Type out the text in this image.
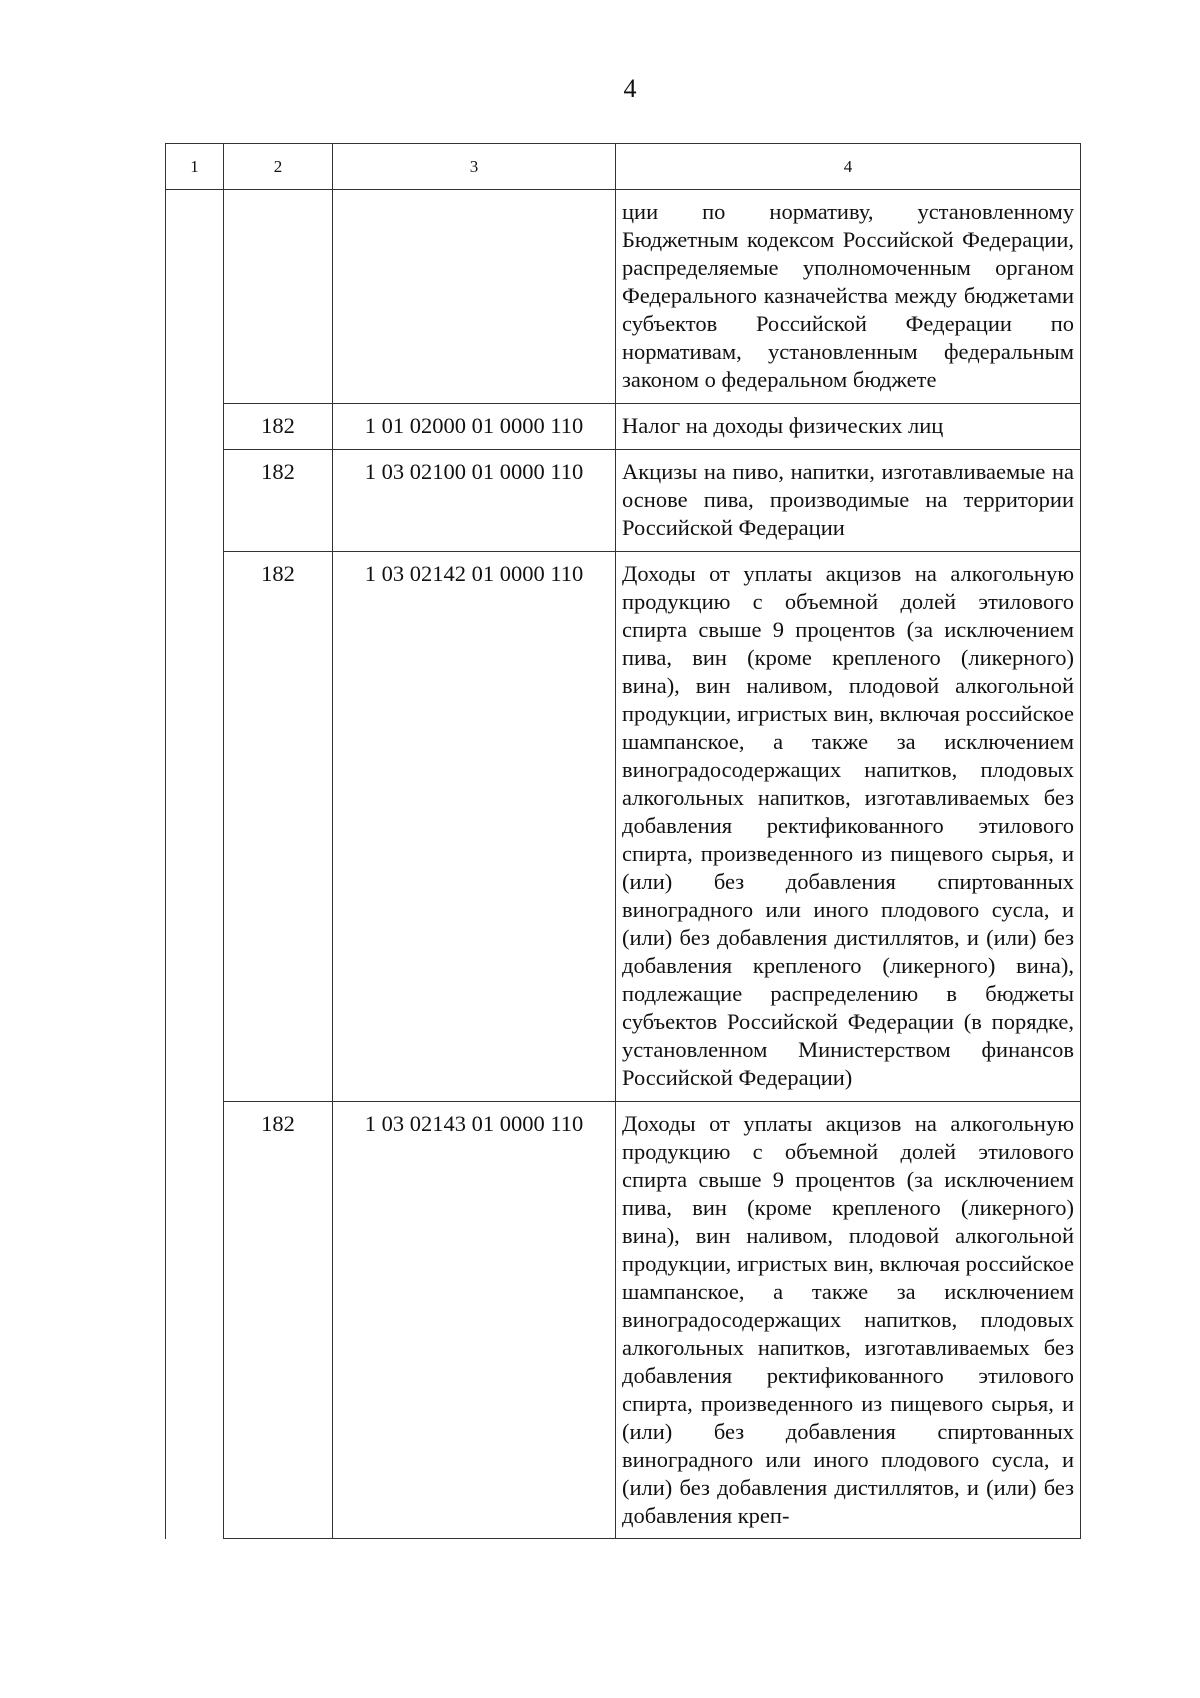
4
1	2	3	4
			ции по нормативу, установленному Бюджетным кодексом Российской Федерации, распределяемые уполномоченным органом Федерального казначейства между бюджетами субъектов Российской Федерации по нормативам, установленным федеральным законом о федеральном бюджете
	182	1 01 02000 01 0000 110	Налог на доходы физических лиц
	182	1 03 02100 01 0000 110	Акцизы на пиво, напитки, изготавливаемые на основе пива, производимые на территории Российской Федерации
	182	1 03 02142 01 0000 110	Доходы от уплаты акцизов на алкогольную продукцию с объемной долей этилового спирта свыше 9 процентов (за исключением пива, вин (кроме крепленого (ликерного) вина), вин наливом, плодовой алкогольной продукции, игристых вин, включая российское шампанское, а также за исключением виноградосодержащих напитков, плодовых алкогольных напитков, изготавливаемых без добавления ректификованного этилового спирта, произведенного из пищевого сырья, и (или) без добавления спиртованных виноградного или иного плодового сусла, и (или) без добавления дистиллятов, и (или) без добавления крепленого (ликерного) вина), подлежащие распределению в бюджеты субъектов Российской Федерации (в порядке, установленном Министерством финансов Российской Федерации)
	182	1 03 02143 01 0000 110	Доходы от уплаты акцизов на алкогольную продукцию с объемной долей этилового спирта свыше 9 процентов (за исключением пива, вин (кроме крепленого (ликерного) вина), вин наливом, плодовой алкогольной продукции, игристых вин, включая российское шампанское, а также за исключением виноградосодержащих напитков, плодовых алкогольных напитков, изготавливаемых без добавления ректификованного этилового спирта, произведенного из пищевого сырья, и (или) без добавления спиртованных виноградного или иного плодового сусла, и (или) без добавления дистиллятов, и (или) без добавления креп-
